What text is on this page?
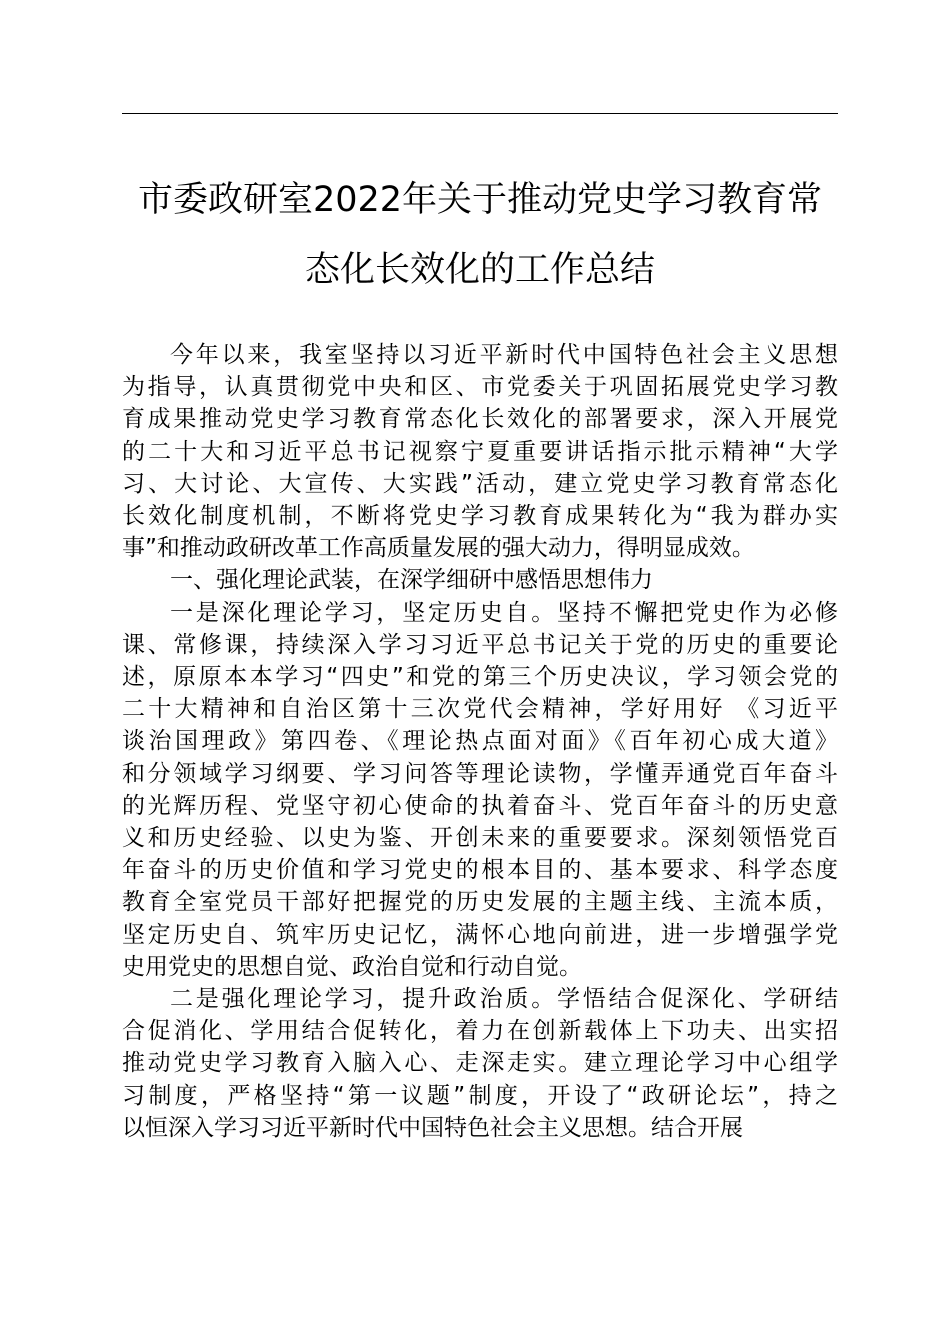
市委政研室2022年关于推动党史学习教育常
态化长效化的工作总结
今年以来，我室坚持以习近平新时代中国特色社会主义思想
为指导，认真贯彻党中央和区、市党委关于巩固拓展党史学习教
育成果推动党史学习教育常态化长效化的部署要求，深入开展党
的二十大和习近平总书记视察宁夏重要讲话指示批示精神“大学
习、大讨论、大宣传、大实践”活动，建立党史学习教育常态化
长效化制度机制，不断将党史学习教育成果转化为“我为群办实
事”和推动政研改革工作高质量发展的强大动力，得明显成效。
一、强化理论武装，在深学细研中感悟思想伟力
一是深化理论学习，坚定历史自。坚持不懈把党史作为必修
课、常修课，持续深入学习习近平总书记关于党的历史的重要论
述，原原本本学习“四史”和党的第三个历史决议，学习领会党的
二十大精神和自治区第十三次党代会精神，学好用好 《习近平
谈治国理政》第四卷、《理论热点面对面》《百年初心成大道》
和分领域学习纲要、学习问答等理论读物，学懂弄通党百年奋斗
的光辉历程、党坚守初心使命的执着奋斗、党百年奋斗的历史意
义和历史经验、以史为鉴、开创未来的重要要求。深刻领悟党百
年奋斗的历史价值和学习党史的根本目的、基本要求、科学态度
教育全室党员干部好把握党的历史发展的主题主线、主流本质，
坚定历史自、筑牢历史记忆，满怀心地向前进，进一步增强学党
史用党史的思想自觉、政治自觉和行动自觉。
二是强化理论学习，提升政治质。学悟结合促深化、学研结
合促消化、学用结合促转化，着力在创新载体上下功夫、出实招
推动党史学习教育入脑入心、走深走实。建立理论学习中心组学
习制度，严格坚持“第一议题”制度，开设了“政研论坛”，持之
以恒深入学习习近平新时代中国特色社会主义思想。结合开展
